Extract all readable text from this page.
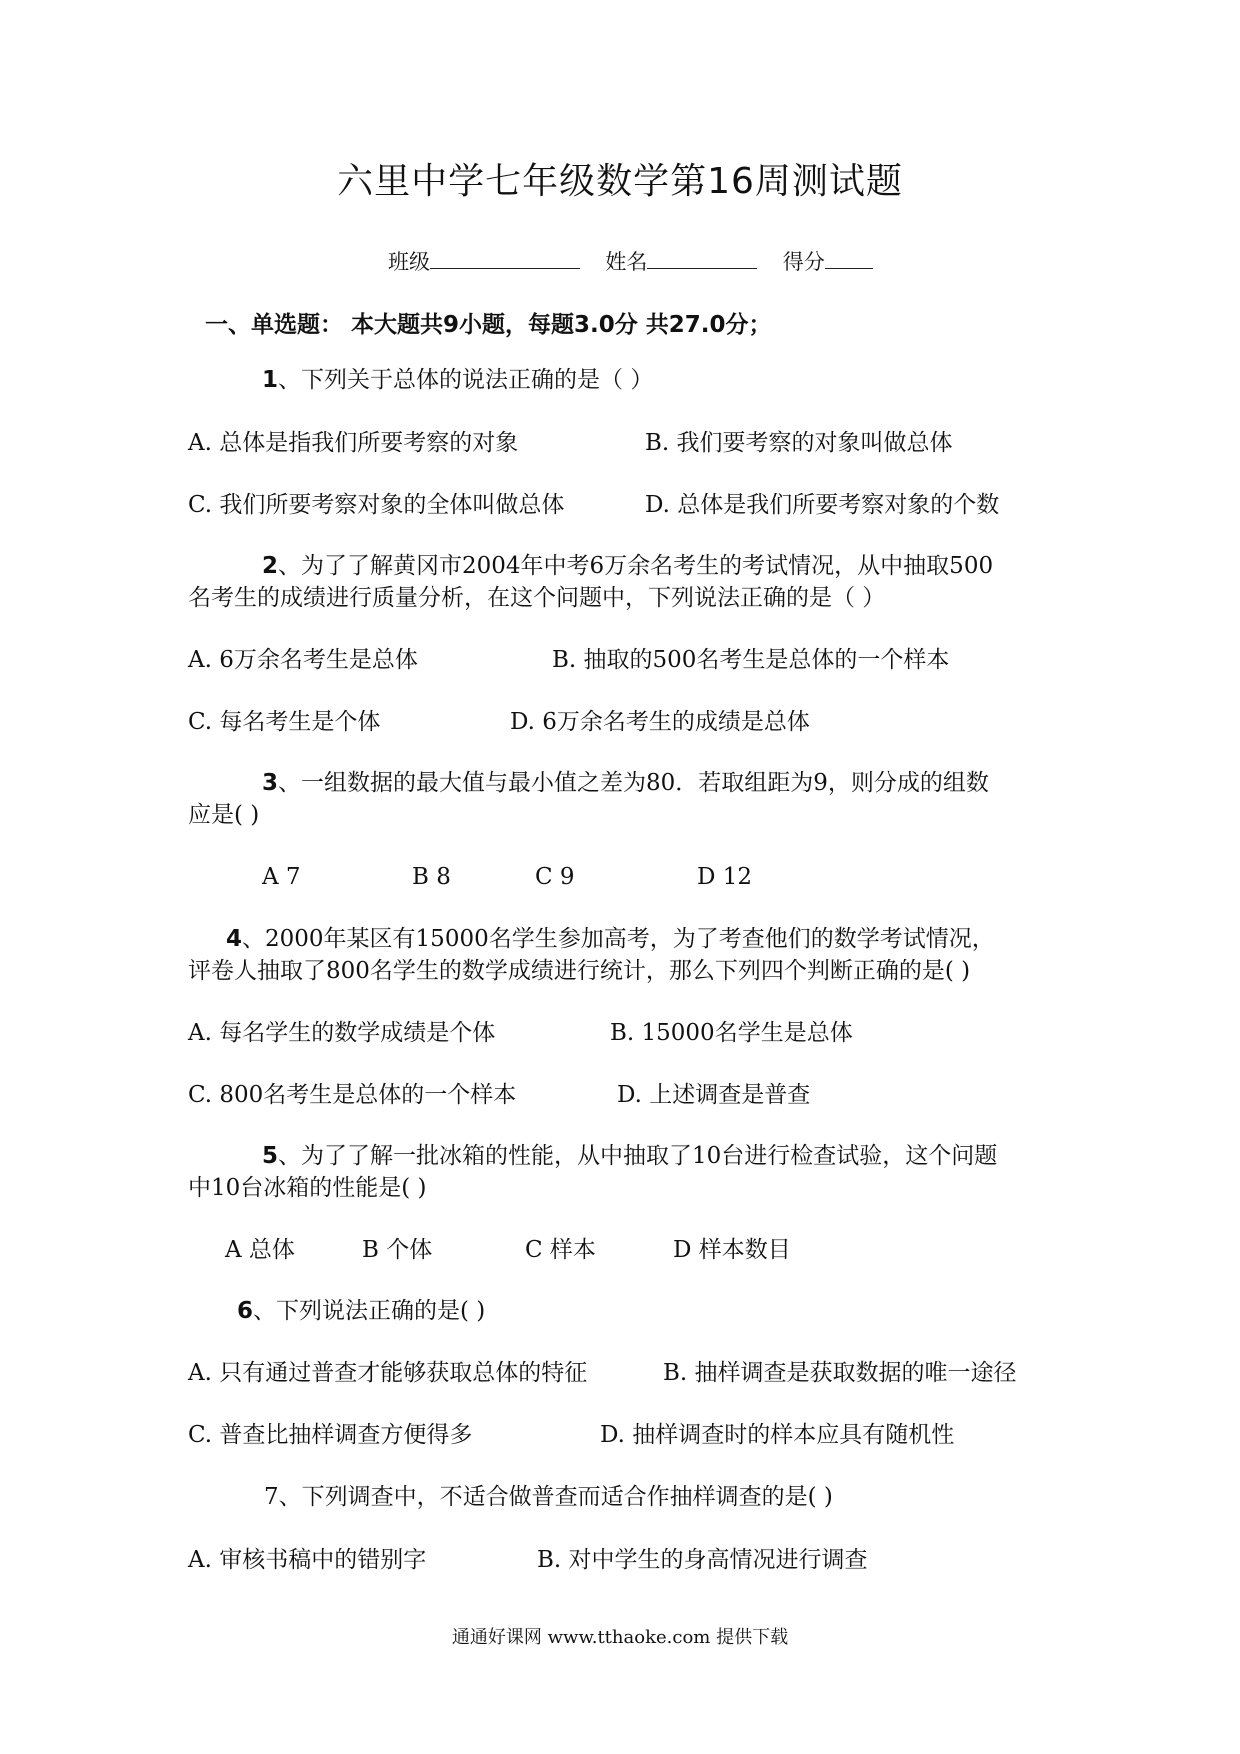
六里中学七年级数学第16周测试题
班级	姓名	得分
一、单选题： 本大题共9小题，每题3.0分 共27.0分；
1、下列关于总体的说法正确的是（ ）
A. 总体是指我们所要考察的对象	B. 我们要考察的对象叫做总体
C. 我们所要考察对象的全体叫做总体	D. 总体是我们所要考察对象的个数
2、为了了解黄冈市2004年中考6万余名考生的考试情况，从中抽取500
名考生的成绩进行质量分析，在这个问题中，下列说法正确的是（ ）
A. 6万余名考生是总体	B. 抽取的500名考生是总体的一个样本
C. 每名考生是个体	D. 6万余名考生的成绩是总体
3、一组数据的最大值与最小值之差为80．若取组距为9，则分成的组数
应是( )
A 7	B 8	C 9	D 12
4、2000年某区有15000名学生参加高考，为了考查他们的数学考试情况，
评卷人抽取了800名学生的数学成绩进行统计，那么下列四个判断正确的是( )
A. 每名学生的数学成绩是个体	B. 15000名学生是总体
C. 800名考生是总体的一个样本	D. 上述调查是普查
5、为了了解一批冰箱的性能，从中抽取了10台进行检查试验，这个问题
中10台冰箱的性能是( )
A 总体	B 个体	C 样本	D 样本数目
6、下列说法正确的是( )
A. 只有通过普查才能够获取总体的特征	B. 抽样调查是获取数据的唯一途径
C. 普查比抽样调查方便得多	D. 抽样调查时的样本应具有随机性
7、下列调查中，不适合做普查而适合作抽样调查的是( )
A. 审核书稿中的错别字	B. 对中学生的身高情况进行调查
通通好课网 www.tthaoke.com 提供下载
